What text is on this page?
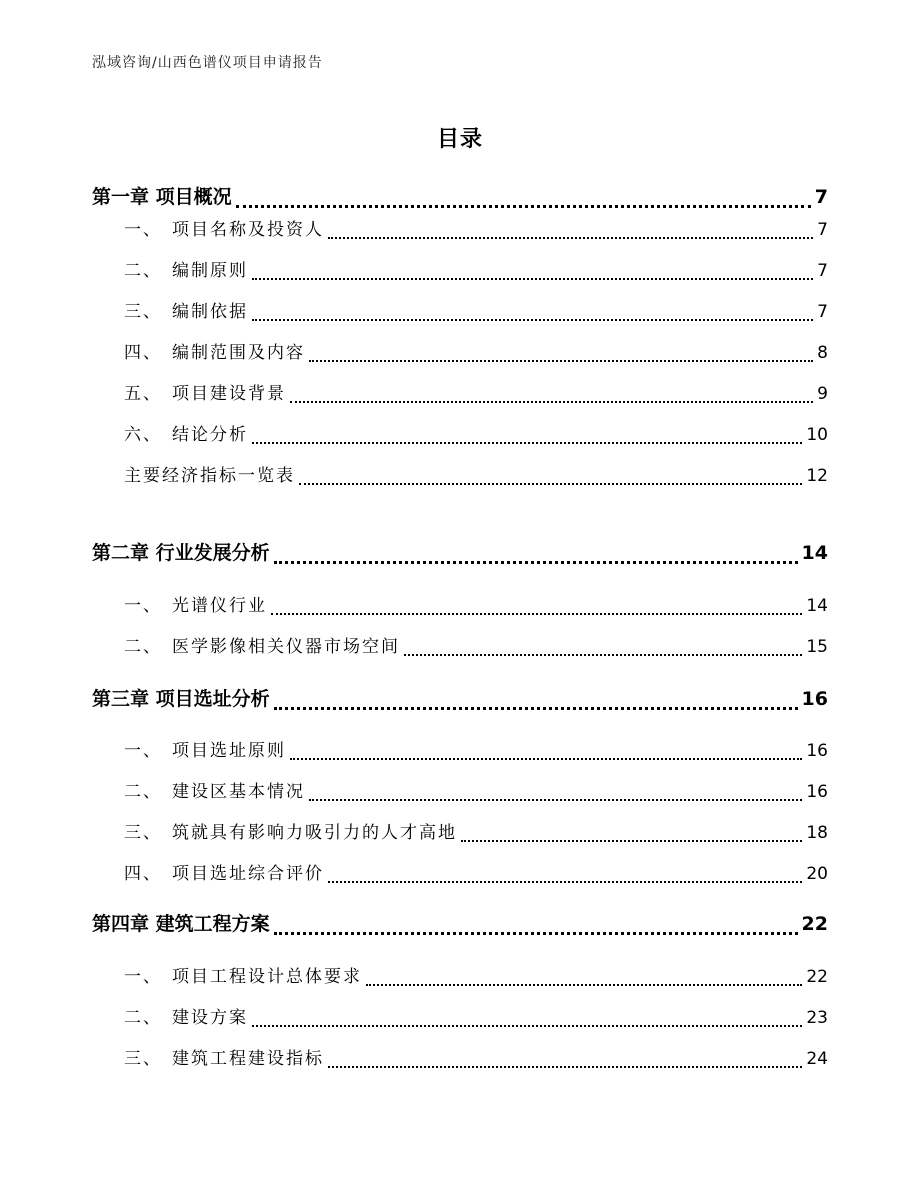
泓域咨询/山西色谱仪项目申请报告
目录
第一章 项目概况	7
一、 项目名称及投资人	7
二、 编制原则	7
三、 编制依据	7
四、 编制范围及内容	8
五、 项目建设背景	9
六、 结论分析	10
主要经济指标一览表	12
第二章 行业发展分析	14
一、 光谱仪行业	14
二、 医学影像相关仪器市场空间	15
第三章 项目选址分析	16
一、 项目选址原则	16
二、 建设区基本情况	16
三、 筑就具有影响力吸引力的人才高地	18
四、 项目选址综合评价	20
第四章 建筑工程方案	22
一、 项目工程设计总体要求	22
二、 建设方案	23
三、 建筑工程建设指标	24
